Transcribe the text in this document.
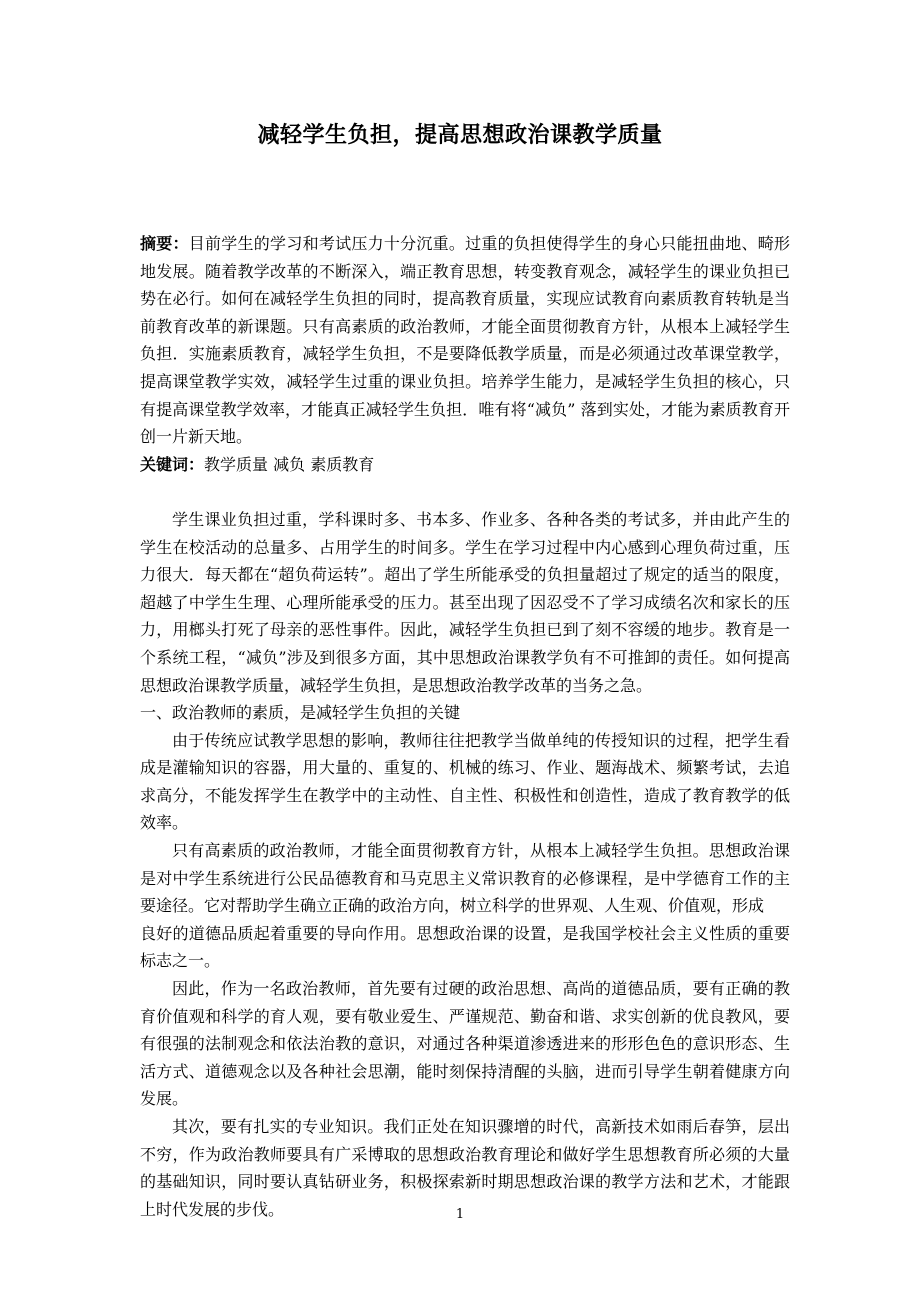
减轻学生负担，提高思想政治课教学质量

摘要：目前学生的学习和考试压力十分沉重。过重的负担使得学生的身心只能扭曲地、畸形地发展。随着教学改革的不断深入，端正教育思想，转变教育观念，减轻学生的课业负担已势在必行。如何在减轻学生负担的同时，提高教育质量，实现应试教育向素质教育转轨是当前教育改革的新课题。只有高素质的政治教师，才能全面贯彻教育方针，从根本上减轻学生负担．实施素质教育，减轻学生负担，不是要降低教学质量，而是必须通过改革课堂教学，提高课堂教学实效，减轻学生过重的课业负担。培养学生能力，是减轻学生负担的核心，只有提高课堂教学效率，才能真正减轻学生负担．唯有将“减负” 落到实处，才能为素质教育开创一片新天地。

关键词：教学质量 减负 素质教育

学生课业负担过重，学科课时多、书本多、作业多、各种各类的考试多，并由此产生的学生在校活动的总量多、占用学生的时间多。学生在学习过程中内心感到心理负荷过重，压力很大．每天都在“超负荷运转”。超出了学生所能承受的负担量超过了规定的适当的限度，超越了中学生生理、心理所能承受的压力。甚至出现了因忍受不了学习成绩名次和家长的压力，用榔头打死了母亲的恶性事件。因此，减轻学生负担已到了刻不容缓的地步。教育是一个系统工程，“减负”涉及到很多方面，其中思想政治课教学负有不可推卸的责任。如何提高思想政治课教学质量，减轻学生负担，是思想政治教学改革的当务之急。

一、政治教师的素质，是减轻学生负担的关键

由于传统应试教学思想的影响，教师往往把教学当做单纯的传授知识的过程，把学生看成是灌输知识的容器，用大量的、重复的、机械的练习、作业、题海战术、频繁考试，去追求高分，不能发挥学生在教学中的主动性、自主性、积极性和创造性，造成了教育教学的低效率。

只有高素质的政治教师，才能全面贯彻教育方针，从根本上减轻学生负担。思想政治课是对中学生系统进行公民品德教育和马克思主义常识教育的必修课程，是中学德育工作的主要途径。它对帮助学生确立正确的政治方向，树立科学的世界观、人生观、价值观，形成

良好的道德品质起着重要的导向作用。思想政治课的设置，是我国学校社会主义性质的重要标志之一。

因此，作为一名政治教师，首先要有过硬的政治思想、高尚的道德品质，要有正确的教育价值观和科学的育人观，要有敬业爱生、严谨规范、勤奋和谐、求实创新的优良教风，要有很强的法制观念和依法治教的意识，对通过各种渠道渗透进来的形形色色的意识形态、生活方式、道德观念以及各种社会思潮，能时刻保持清醒的头脑，进而引导学生朝着健康方向发展。

其次，要有扎实的专业知识。我们正处在知识骤增的时代，高新技术如雨后春笋，层出不穷，作为政治教师要具有广采博取的思想政治教育理论和做好学生思想教育所必须的大量的基础知识，同时要认真钻研业务，积极探索新时期思想政治课的教学方法和艺术，才能跟上时代发展的步伐。	1
